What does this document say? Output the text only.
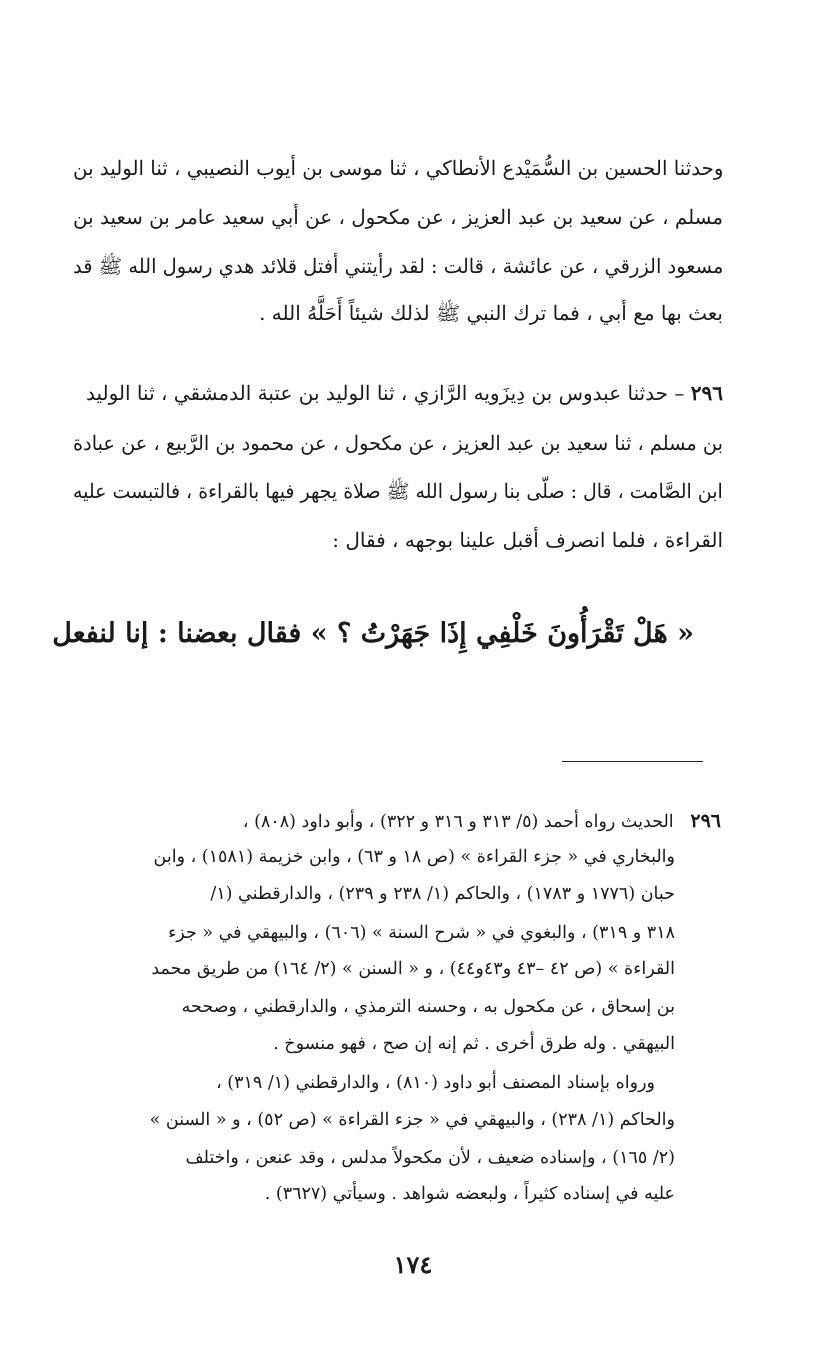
وحدثنا الحسين بن السُّمَيْدع الأنطاكي ، ثنا موسى بن أيوب النصيبي ، ثنا الوليد بن
مسلم ، عن سعيد بن عبد العزيز ، عن مكحول ، عن أبي سعيد عامر بن سعيد بن
مسعود الزرقي ، عن عائشة ، قالت : لقد رأيتني أفتل قلائد هدي رسول الله ﷺ قد
بعث بها مع أبي ، فما ترك النبي ﷺ لذلك شيئاً أَحَلَّهُ الله .
٢٩٦ – حدثنا عبدوس بن دِيزَويه الرَّازي ، ثنا الوليد بن عتبة الدمشقي ، ثنا الوليد
بن مسلم ، ثنا سعيد بن عبد العزيز ، عن مكحول ، عن محمود بن الرَّبيع ، عن عبادة
ابن الصَّامت ، قال : صلّى بنا رسول الله ﷺ صلاة يجهر فيها بالقراءة ، فالتبست عليه
القراءة ، فلما انصرف أقبل علينا بوجهه ، فقال :
« هَلْ تَقْرَأُونَ خَلْفِي إِذَا جَهَرْتُ ؟ » فقال بعضنا : إنا لنفعل
٢٩٦   الحديث رواه أحمد (٥/ ٣١٣ و ٣١٦ و ٣٢٢) ، وأبو داود (٨٠٨) ،
والبخاري في « جزء القراءة » (ص ١٨ و ٦٣) ، وابن خزيمة (١٥٨١) ، وابن
حبان (١٧٧٦ و ١٧٨٣) ، والحاكم (١/ ٢٣٨ و ٢٣٩) ، والدارقطني (١/
٣١٨ و ٣١٩) ، والبغوي في « شرح السنة » (٦٠٦) ، والبيهقي في « جزء
القراءة » (ص ٤٢ –٤٣ و٤٣و٤٤) ، و « السنن » (٢/ ١٦٤) من طريق محمد
بن إسحاق ، عن مكحول به ، وحسنه الترمذي ، والدارقطني ، وصححه
البيهقي . وله طرق أخرى . ثم إنه إن صح ، فهو منسوخ .
ورواه بإسناد المصنف أبو داود (٨١٠) ، والدارقطني (١/ ٣١٩) ،
والحاكم (١/ ٢٣٨) ، والبيهقي في « جزء القراءة » (ص ٥٢) ، و « السنن »
(٢/ ١٦٥) ، وإسناده ضعيف ، لأن مكحولاً مدلس ، وقد عنعن ، واختلف
عليه في إسناده كثيراً ، ولبعضه شواهد . وسيأتي (٣٦٢٧) .
١٧٤
